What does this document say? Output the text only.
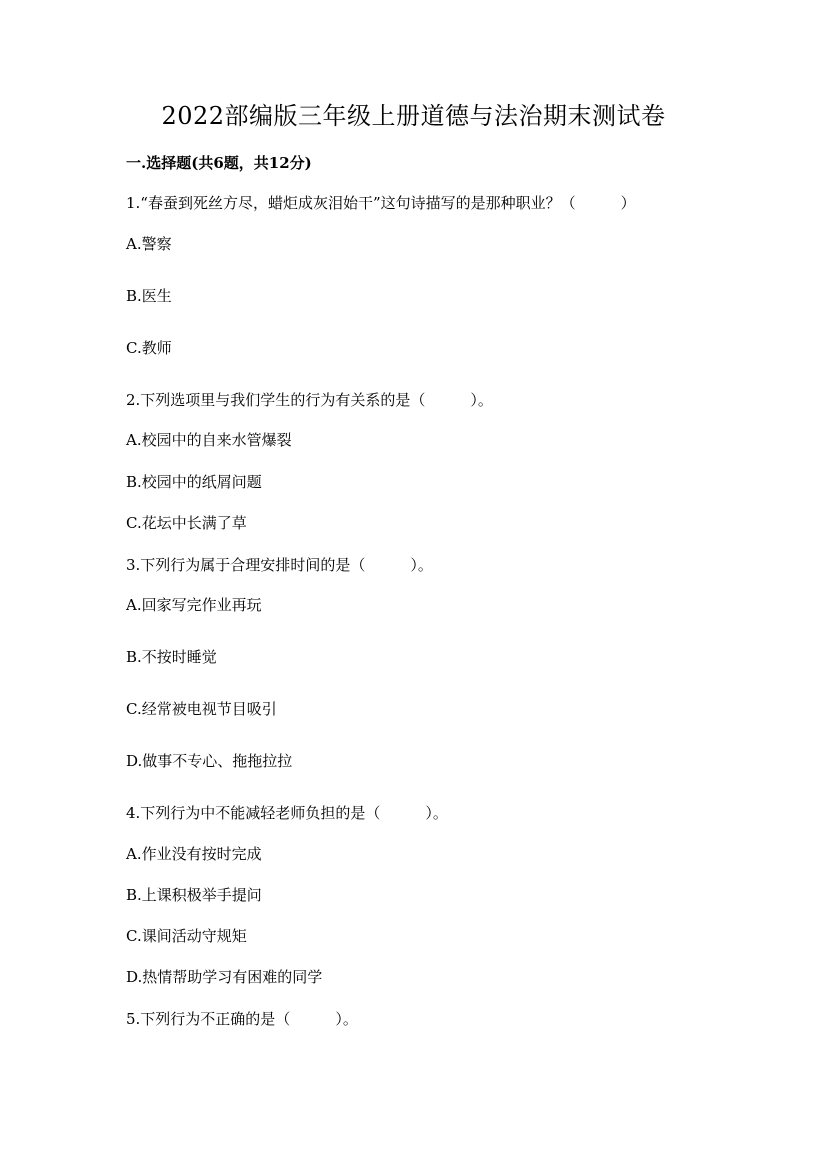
2022部编版三年级上册道德与法治期末测试卷
一.选择题(共6题，共12分)
1.“春蚕到死丝方尽，蜡炬成灰泪始干”这句诗描写的是那种职业？（　　　）
A.警察
B.医生
C.教师
2.下列选项里与我们学生的行为有关系的是（　　　）。
A.校园中的自来水管爆裂
B.校园中的纸屑问题
C.花坛中长满了草
3.下列行为属于合理安排时间的是（　　　）。
A.回家写完作业再玩
B.不按时睡觉
C.经常被电视节目吸引
D.做事不专心、拖拖拉拉
4.下列行为中不能减轻老师负担的是（　　　）。
A.作业没有按时完成
B.上课积极举手提问
C.课间活动守规矩
D.热情帮助学习有困难的同学
5.下列行为不正确的是（　　　）。
